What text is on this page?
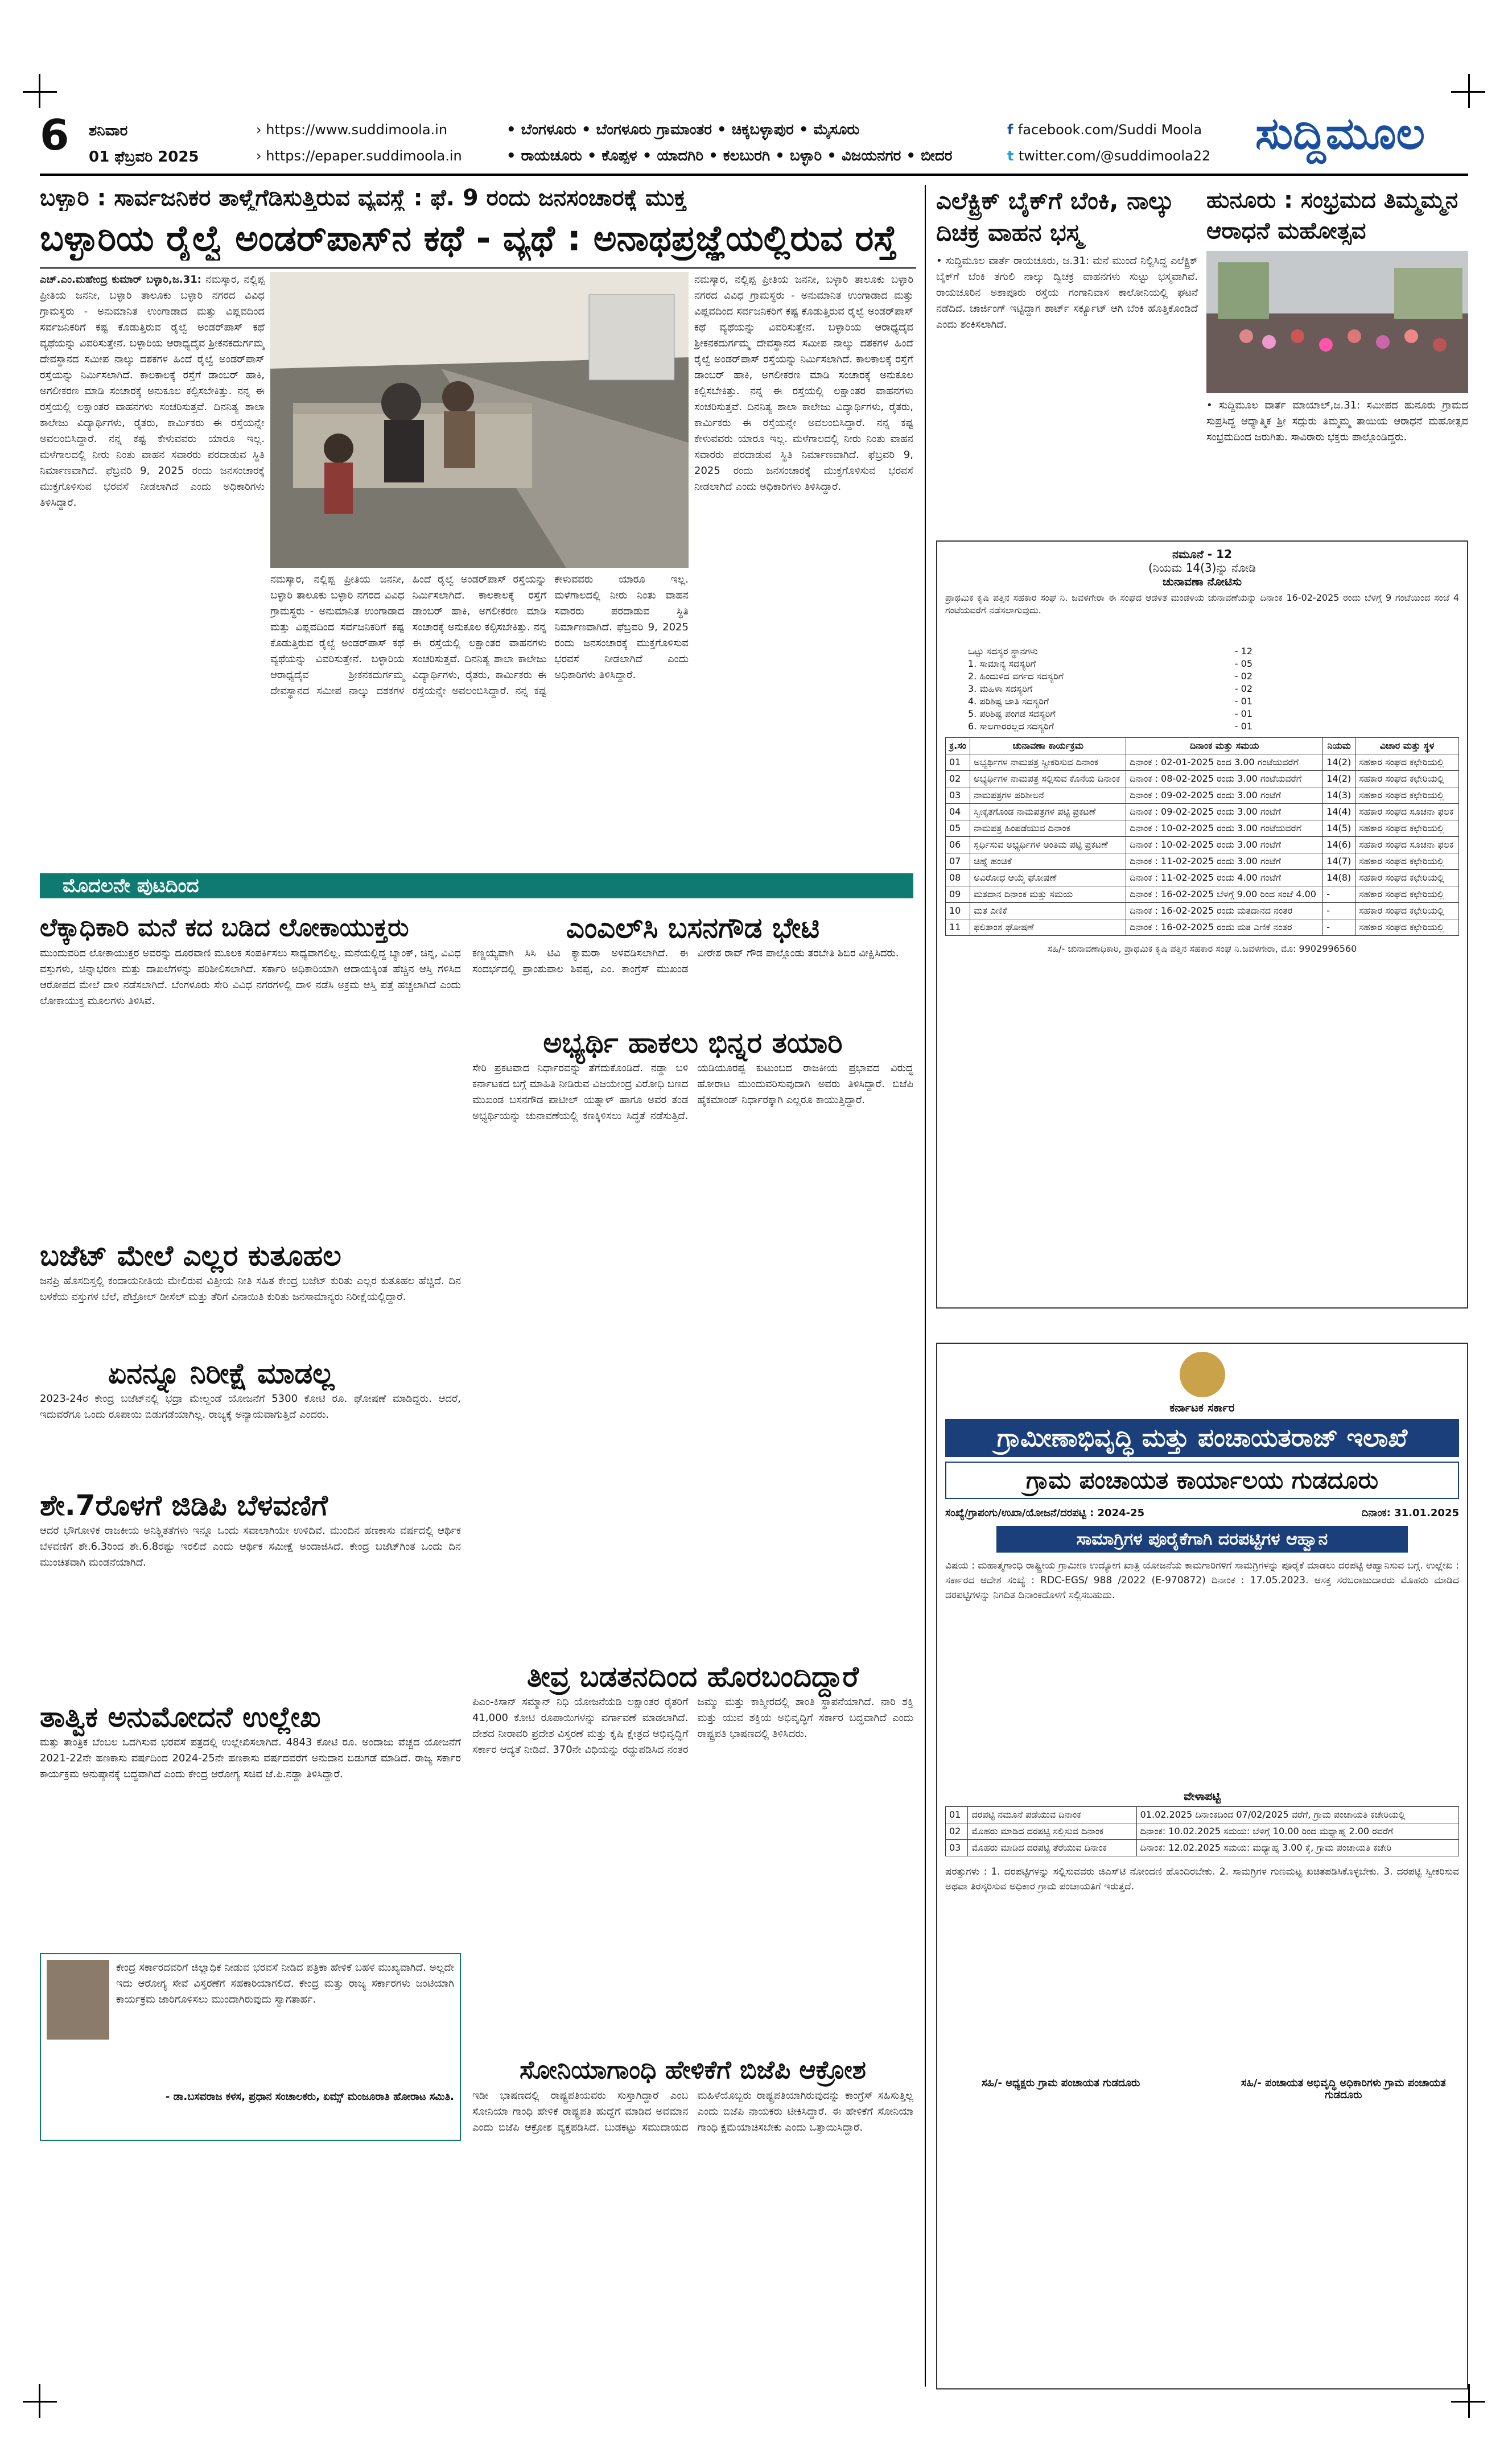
6 ಶನಿವಾರ
01 ಫೆಬ್ರವರಿ 2025
› https://www.suddimoola.in
› https://epaper.suddimoola.in
• ಬೆಂಗಳೂರು • ಬೆಂಗಳೂರು ಗ್ರಾಮಾಂತರ • ಚಿಕ್ಕಬಳ್ಳಾಪುರ • ಮೈಸೂರು
• ರಾಯಚೂರು • ಕೊಪ್ಪಳ • ಯಾದಗಿರಿ • ಕಲಬುರಗಿ • ಬಳ್ಳಾರಿ • ವಿಜಯನಗರ • ಬೀದರ
f facebook.com/Suddi Moola
t twitter.com/@suddimoola22	ಸುದ್ದಿಮೂಲ
ಬಳ್ಳಾರಿ : ಸಾರ್ವಜನಿಕರ ತಾಳ್ಮೆಗೆಡಿಸುತ್ತಿರುವ ವ್ಯವಸ್ಥೆ : ಫೆ. 9 ರಂದು ಜನಸಂಚಾರಕ್ಕೆ ಮುಕ್ತ
ಬಳ್ಳಾರಿಯ ರೈಲ್ವೆ ಅಂಡರ್‌ಪಾಸ್‌ನ ಕಥೆ - ವ್ಯಥೆ : ಅನಾಥಪ್ರಜ್ಞೆಯಲ್ಲಿರುವ ರಸ್ತೆ
ಎಚ್.ಎಂ.ಮಹೇಂದ್ರ ಕುಮಾರ್ ಬಳ್ಳಾರಿ,ಜ.31: ನಮಸ್ಕಾರ, ನಲ್ಲಿಪ್ಪ ಪ್ರೀತಿಯ ಜನನೀ, ಬಳ್ಳಾರಿ ತಾಲೂಕು ಬಳ್ಳಾರಿ ನಗರದ ವಿವಿಧ ಗ್ರಾಮಸ್ಥರು - ಅನುಮಾನಿತ ಉಂಗಾಡಾದ ಮತ್ತು ವಿಪ್ಲವದಿಂದ ಸರ್ವಜನಿಕರಿಗೆ ಕಷ್ಟ ಕೊಡುತ್ತಿರುವ ರೈಲ್ವೆ ಅಂಡರ್‌ಪಾಸ್ ಕಥೆ ವ್ಯಥೆಯನ್ನು ವಿವರಿಸುತ್ತೇನೆ. ಬಳ್ಳಾರಿಯ ಆರಾಧ್ಯದೈವ ಶ್ರೀಕನಕದುರ್ಗಮ್ಮ ದೇವಸ್ಥಾನದ ಸಮೀಪ ನಾಲ್ಕು ದಶಕಗಳ ಹಿಂದೆ ರೈಲ್ವೆ ಅಂಡರ್‌ಪಾಸ್ ರಸ್ತೆಯನ್ನು ನಿರ್ಮಿಸಲಾಗಿದೆ. ಕಾಲಕಾಲಕ್ಕೆ ರಸ್ತೆಗೆ ಡಾಂಬರ್ ಹಾಕಿ, ಅಗಲೀಕರಣ ಮಾಡಿ ಸಂಚಾರಕ್ಕೆ ಅನುಕೂಲ ಕಲ್ಪಿಸಬೇಕಿತ್ತು. ನನ್ನ ಈ ರಸ್ತೆಯಲ್ಲಿ ಲಕ್ಷಾಂತರ ವಾಹನಗಳು ಸಂಚರಿಸುತ್ತವೆ. ದಿನನಿತ್ಯ ಶಾಲಾ ಕಾಲೇಜು ವಿದ್ಯಾರ್ಥಿಗಳು, ರೈತರು, ಕಾರ್ಮಿಕರು ಈ ರಸ್ತೆಯನ್ನೇ ಅವಲಂಬಿಸಿದ್ದಾರೆ. ನನ್ನ ಕಷ್ಟ ಕೇಳುವವರು ಯಾರೂ ಇಲ್ಲ. ಮಳೆಗಾಲದಲ್ಲಿ ನೀರು ನಿಂತು ವಾಹನ ಸವಾರರು ಪರದಾಡುವ ಸ್ಥಿತಿ ನಿರ್ಮಾಣವಾಗಿದೆ. ಫೆಬ್ರವರಿ 9, 2025 ರಂದು ಜನಸಂಚಾರಕ್ಕೆ ಮುಕ್ತಗೊಳಿಸುವ ಭರವಸೆ ನೀಡಲಾಗಿದೆ ಎಂದು ಅಧಿಕಾರಿಗಳು ತಿಳಿಸಿದ್ದಾರೆ.
ನಮಸ್ಕಾರ, ನಲ್ಲಿಪ್ಪ ಪ್ರೀತಿಯ ಜನನೀ, ಬಳ್ಳಾರಿ ತಾಲೂಕು ಬಳ್ಳಾರಿ ನಗರದ ವಿವಿಧ ಗ್ರಾಮಸ್ಥರು - ಅನುಮಾನಿತ ಉಂಗಾಡಾದ ಮತ್ತು ವಿಪ್ಲವದಿಂದ ಸರ್ವಜನಿಕರಿಗೆ ಕಷ್ಟ ಕೊಡುತ್ತಿರುವ ರೈಲ್ವೆ ಅಂಡರ್‌ಪಾಸ್ ಕಥೆ ವ್ಯಥೆಯನ್ನು ವಿವರಿಸುತ್ತೇನೆ. ಬಳ್ಳಾರಿಯ ಆರಾಧ್ಯದೈವ ಶ್ರೀಕನಕದುರ್ಗಮ್ಮ ದೇವಸ್ಥಾನದ ಸಮೀಪ ನಾಲ್ಕು ದಶಕಗಳ ಹಿಂದೆ ರೈಲ್ವೆ ಅಂಡರ್‌ಪಾಸ್ ರಸ್ತೆಯನ್ನು ನಿರ್ಮಿಸಲಾಗಿದೆ. ಕಾಲಕಾಲಕ್ಕೆ ರಸ್ತೆಗೆ ಡಾಂಬರ್ ಹಾಕಿ, ಅಗಲೀಕರಣ ಮಾಡಿ ಸಂಚಾರಕ್ಕೆ ಅನುಕೂಲ ಕಲ್ಪಿಸಬೇಕಿತ್ತು. ನನ್ನ ಈ ರಸ್ತೆಯಲ್ಲಿ ಲಕ್ಷಾಂತರ ವಾಹನಗಳು ಸಂಚರಿಸುತ್ತವೆ. ದಿನನಿತ್ಯ ಶಾಲಾ ಕಾಲೇಜು ವಿದ್ಯಾರ್ಥಿಗಳು, ರೈತರು, ಕಾರ್ಮಿಕರು ಈ ರಸ್ತೆಯನ್ನೇ ಅವಲಂಬಿಸಿದ್ದಾರೆ. ನನ್ನ ಕಷ್ಟ ಕೇಳುವವರು ಯಾರೂ ಇಲ್ಲ. ಮಳೆಗಾಲದಲ್ಲಿ ನೀರು ನಿಂತು ವಾಹನ ಸವಾರರು ಪರದಾಡುವ ಸ್ಥಿತಿ ನಿರ್ಮಾಣವಾಗಿದೆ. ಫೆಬ್ರವರಿ 9, 2025 ರಂದು ಜನಸಂಚಾರಕ್ಕೆ ಮುಕ್ತಗೊಳಿಸುವ ಭರವಸೆ ನೀಡಲಾಗಿದೆ ಎಂದು ಅಧಿಕಾರಿಗಳು ತಿಳಿಸಿದ್ದಾರೆ.
ನಮಸ್ಕಾರ, ನಲ್ಲಿಪ್ಪ ಪ್ರೀತಿಯ ಜನನೀ, ಬಳ್ಳಾರಿ ತಾಲೂಕು ಬಳ್ಳಾರಿ ನಗರದ ವಿವಿಧ ಗ್ರಾಮಸ್ಥರು - ಅನುಮಾನಿತ ಉಂಗಾಡಾದ ಮತ್ತು ವಿಪ್ಲವದಿಂದ ಸರ್ವಜನಿಕರಿಗೆ ಕಷ್ಟ ಕೊಡುತ್ತಿರುವ ರೈಲ್ವೆ ಅಂಡರ್‌ಪಾಸ್ ಕಥೆ ವ್ಯಥೆಯನ್ನು ವಿವರಿಸುತ್ತೇನೆ. ಬಳ್ಳಾರಿಯ ಆರಾಧ್ಯದೈವ ಶ್ರೀಕನಕದುರ್ಗಮ್ಮ ದೇವಸ್ಥಾನದ ಸಮೀಪ ನಾಲ್ಕು ದಶಕಗಳ ಹಿಂದೆ ರೈಲ್ವೆ ಅಂಡರ್‌ಪಾಸ್ ರಸ್ತೆಯನ್ನು ನಿರ್ಮಿಸಲಾಗಿದೆ. ಕಾಲಕಾಲಕ್ಕೆ ರಸ್ತೆಗೆ ಡಾಂಬರ್ ಹಾಕಿ, ಅಗಲೀಕರಣ ಮಾಡಿ ಸಂಚಾರಕ್ಕೆ ಅನುಕೂಲ ಕಲ್ಪಿಸಬೇಕಿತ್ತು. ನನ್ನ ಈ ರಸ್ತೆಯಲ್ಲಿ ಲಕ್ಷಾಂತರ ವಾಹನಗಳು ಸಂಚರಿಸುತ್ತವೆ. ದಿನನಿತ್ಯ ಶಾಲಾ ಕಾಲೇಜು ವಿದ್ಯಾರ್ಥಿಗಳು, ರೈತರು, ಕಾರ್ಮಿಕರು ಈ ರಸ್ತೆಯನ್ನೇ ಅವಲಂಬಿಸಿದ್ದಾರೆ. ನನ್ನ ಕಷ್ಟ ಕೇಳುವವರು ಯಾರೂ ಇಲ್ಲ. ಮಳೆಗಾಲದಲ್ಲಿ ನೀರು ನಿಂತು ವಾಹನ ಸವಾರರು ಪರದಾಡುವ ಸ್ಥಿತಿ ನಿರ್ಮಾಣವಾಗಿದೆ. ಫೆಬ್ರವರಿ 9, 2025 ರಂದು ಜನಸಂಚಾರಕ್ಕೆ ಮುಕ್ತಗೊಳಿಸುವ ಭರವಸೆ ನೀಡಲಾಗಿದೆ ಎಂದು ಅಧಿಕಾರಿಗಳು ತಿಳಿಸಿದ್ದಾರೆ.
ಮೊದಲನೇ ಪುಟದಿಂದ
ಲೆಕ್ಕಾಧಿಕಾರಿ ಮನೆ ಕದ ಬಡಿದ ಲೋಕಾಯುಕ್ತರು
ಮುಂದುವರಿದ ಲೋಕಾಯುಕ್ತರ ಅವರನ್ನು ದೂರವಾಣಿ ಮೂಲಕ ಸಂಪರ್ಕಿಸಲು ಸಾಧ್ಯವಾಗಲಿಲ್ಲ. ಮನೆಯಲ್ಲಿದ್ದ ಬ್ಯಾಂಕ್, ಚಿನ್ನ, ವಿವಿಧ ವಸ್ತುಗಳು, ಚಿನ್ನಾಭರಣ ಮತ್ತು ದಾಖಲೆಗಳನ್ನು ಪರಿಶೀಲಿಸಲಾಗಿದೆ. ಸರ್ಕಾರಿ ಅಧಿಕಾರಿಯಾಗಿ ಆದಾಯಕ್ಕಿಂತ ಹೆಚ್ಚಿನ ಆಸ್ತಿ ಗಳಿಸಿದ ಆರೋಪದ ಮೇಲೆ ದಾಳಿ ನಡೆಸಲಾಗಿದೆ. ಬೆಂಗಳೂರು ಸೇರಿ ವಿವಿಧ ನಗರಗಳಲ್ಲಿ ದಾಳಿ ನಡೆಸಿ ಅಕ್ರಮ ಆಸ್ತಿ ಪತ್ತೆ ಹಚ್ಚಲಾಗಿದೆ ಎಂದು ಲೋಕಾಯುಕ್ತ ಮೂಲಗಳು ತಿಳಿಸಿವೆ.
ಬಜೆಟ್ ಮೇಲೆ ಎಲ್ಲರ ಕುತೂಹಲ
ಜನಪ್ರಿ ಹೊಸದಿಸ್ತಲ್ಲಿ ಕಂದಾಯನೀತಿಯ ಮೇಲಿರುವ ವಿತ್ತೀಯ ನೀತಿ ಸಹಿತ ಕೇಂದ್ರ ಬಜೆಟ್ ಕುರಿತು ಎಲ್ಲರ ಕುತೂಹಲ ಹೆಚ್ಚಿದೆ. ದಿನ ಬಳಕೆಯ ವಸ್ತುಗಳ ಬೆಲೆ, ಪೆಟ್ರೋಲ್ ಡೀಸೆಲ್ ಮತ್ತು ತೆರಿಗೆ ವಿನಾಯಿತಿ ಕುರಿತು ಜನಸಾಮಾನ್ಯರು ನಿರೀಕ್ಷೆಯಲ್ಲಿದ್ದಾರೆ.
ಏನನ್ನೂ ನಿರೀಕ್ಷೆ ಮಾಡಲ್ಲ
2023-24ರ ಕೇಂದ್ರ ಬಜೆಟ್‌ನಲ್ಲಿ ಭದ್ರಾ ಮೇಲ್ದಂಡೆ ಯೋಜನೆಗೆ 5300 ಕೋಟಿ ರೂ. ಘೋಷಣೆ ಮಾಡಿದ್ದರು. ಆದರೆ, ಇದುವರೆಗೂ ಒಂದು ರೂಪಾಯಿ ಬಿಡುಗಡೆಯಾಗಿಲ್ಲ. ರಾಜ್ಯಕ್ಕೆ ಅನ್ಯಾಯವಾಗುತ್ತಿದೆ ಎಂದರು.
ಶೇ.7ರೊಳಗೆ ಜಿಡಿಪಿ ಬೆಳವಣಿಗೆ
ಆದರೆ ಭೌಗೋಳಿಕ ರಾಜಕೀಯ ಅನಿಶ್ಚಿತತೆಗಳು ಇನ್ನೂ ಒಂದು ಸವಾಲಾಗಿಯೇ ಉಳಿದಿವೆ. ಮುಂದಿನ ಹಣಕಾಸು ವರ್ಷದಲ್ಲಿ ಆರ್ಥಿಕ ಬೆಳವಣಿಗೆ ಶೇ.6.3ರಿಂದ ಶೇ.6.8ರಷ್ಟು ಇರಲಿದೆ ಎಂದು ಆರ್ಥಿಕ ಸಮೀಕ್ಷೆ ಅಂದಾಜಿಸಿದೆ. ಕೇಂದ್ರ ಬಜೆಟ್‌ಗಿಂತ ಒಂದು ದಿನ ಮುಂಚಿತವಾಗಿ ಮಂಡನೆಯಾಗಿದೆ.
ತಾತ್ವಿಕ ಅನುಮೋದನೆ ಉಲ್ಲೇಖ
ಮತ್ತು ತಾಂತ್ರಿಕ ಬೆಂಬಲ ಒದಗಿಸುವ ಭರವಸೆ ಪತ್ರದಲ್ಲಿ ಉಲ್ಲೇಖಿಸಲಾಗಿದೆ. 4843 ಕೋಟಿ ರೂ. ಅಂದಾಜು ವೆಚ್ಚದ ಯೋಜನೆಗೆ 2021-22ನೇ ಹಣಕಾಸು ವರ್ಷದಿಂದ 2024-25ನೇ ಹಣಕಾಸು ವರ್ಷದವರೆಗೆ ಅನುದಾನ ಬಿಡುಗಡೆ ಮಾಡಿದೆ. ರಾಜ್ಯ ಸರ್ಕಾರ ಕಾರ್ಯಕ್ರಮ ಅನುಷ್ಠಾನಕ್ಕೆ ಬದ್ಧವಾಗಿದೆ ಎಂದು ಕೇಂದ್ರ ಆರೋಗ್ಯ ಸಚಿವ ಜೆ.ಪಿ.ನಡ್ಡಾ ತಿಳಿಸಿದ್ದಾರೆ.
ಕೇಂದ್ರ ಸರ್ಕಾರದವರಿಗೆ ಜಿಲ್ಲಾಧಿಕ ನೀಡುವ ಭರವಸೆ ನೀಡಿದ ಪತ್ರಿಕಾ ಹೇಳಿಕೆ ಬಹಳ ಮುಖ್ಯವಾಗಿದೆ. ಅಲ್ಲದೇ ಇದು ಆರೋಗ್ಯ ಸೇವೆ ವಿಸ್ತರಣೆಗೆ ಸಹಕಾರಿಯಾಗಲಿದೆ. ಕೇಂದ್ರ ಮತ್ತು ರಾಜ್ಯ ಸರ್ಕಾರಗಳು ಜಂಟಿಯಾಗಿ ಕಾರ್ಯಕ್ರಮ ಜಾರಿಗೊಳಿಸಲು ಮುಂದಾಗಿರುವುದು ಸ್ವಾಗತಾರ್ಹ.
- ಡಾ.ಬಸವರಾಜ ಕಳಸ, ಪ್ರಧಾನ ಸಂಚಾಲಕರು, ಏಮ್ಸ್ ಮಂಜೂರಾತಿ ಹೋರಾಟ ಸಮಿತಿ.
ಎಂಎಲ್‌ಸಿ ಬಸನಗೌಡ ಭೇಟಿ
ಕಣ್ಣಯ್ಯವಾಗಿ ಸಿಸಿ ಟಿವಿ ಕ್ಯಾಮರಾ ಅಳವಡಿಸಲಾಗಿದೆ. ಈ ಸಂದರ್ಭದಲ್ಲಿ ಪ್ರಾಂಶುಪಾಲ ಶಿವಪ್ಪ, ಎಂ. ಕಾಂಗ್ರೆಸ್ ಮುಖಂಡ ವೀರೇಶ ರಾವ್ ಗೌಡ ಪಾಲ್ಗೊಂಡು ತರಬೇತಿ ಶಿಬಿರ ವೀಕ್ಷಿಸಿದರು.
ಅಭ್ಯರ್ಥಿ ಹಾಕಲು ಭಿನ್ನರ ತಯಾರಿ
ಸೇರಿ ಪ್ರಕಟವಾದ ನಿರ್ಧಾರವನ್ನು ತೆಗೆದುಕೊಂಡಿದೆ. ನಡ್ಡಾ ಬಳಿ ಕರ್ನಾಟಕದ ಬಗ್ಗೆ ಮಾಹಿತಿ ನೀಡಿರುವ ವಿಜಯೇಂದ್ರ ವಿರೋಧಿ ಬಣದ ಮುಖಂಡ ಬಸನಗೌಡ ಪಾಟೀಲ್ ಯತ್ನಾಳ್ ಹಾಗೂ ಅವರ ತಂಡ ಅಭ್ಯರ್ಥಿಯನ್ನು ಚುನಾವಣೆಯಲ್ಲಿ ಕಣಕ್ಕಿಳಿಸಲು ಸಿದ್ಧತೆ ನಡೆಸುತ್ತಿದೆ. ಯಡಿಯೂರಪ್ಪ ಕುಟುಂಬದ ರಾಜಕೀಯ ಪ್ರಭಾವದ ವಿರುದ್ಧ ಹೋರಾಟ ಮುಂದುವರಿಸುವುದಾಗಿ ಅವರು ತಿಳಿಸಿದ್ದಾರೆ. ಬಿಜೆಪಿ ಹೈಕಮಾಂಡ್ ನಿರ್ಧಾರಕ್ಕಾಗಿ ಎಲ್ಲರೂ ಕಾಯುತ್ತಿದ್ದಾರೆ.
ತೀವ್ರ ಬಡತನದಿಂದ ಹೊರಬಂದಿದ್ದಾರೆ
ಪಿಎಂ-ಕಿಸಾನ್ ಸಮ್ಮಾನ್ ನಿಧಿ ಯೋಜನೆಯಡಿ ಲಕ್ಷಾಂತರ ರೈತರಿಗೆ 41,000 ಕೋಟಿ ರೂಪಾಯಿಗಳನ್ನು ವರ್ಗಾವಣೆ ಮಾಡಲಾಗಿದೆ. ದೇಶದ ನೀರಾವರಿ ಪ್ರದೇಶ ವಿಸ್ತರಣೆ ಮತ್ತು ಕೃಷಿ ಕ್ಷೇತ್ರದ ಅಭಿವೃದ್ಧಿಗೆ ಸರ್ಕಾರ ಆದ್ಯತೆ ನೀಡಿದೆ. 370ನೇ ವಿಧಿಯನ್ನು ರದ್ದುಪಡಿಸಿದ ನಂತರ ಜಮ್ಮು ಮತ್ತು ಕಾಶ್ಮೀರದಲ್ಲಿ ಶಾಂತಿ ಸ್ಥಾಪನೆಯಾಗಿದೆ. ನಾರಿ ಶಕ್ತಿ ಮತ್ತು ಯುವ ಶಕ್ತಿಯ ಅಭಿವೃದ್ಧಿಗೆ ಸರ್ಕಾರ ಬದ್ಧವಾಗಿದೆ ಎಂದು ರಾಷ್ಟ್ರಪತಿ ಭಾಷಣದಲ್ಲಿ ತಿಳಿಸಿದರು.
ಸೋನಿಯಾಗಾಂಧಿ ಹೇಳಿಕೆಗೆ ಬಿಜೆಪಿ ಆಕ್ರೋಶ
ಇಡೀ ಭಾಷಣದಲ್ಲಿ ರಾಷ್ಟ್ರಪತಿಯವರು ಸುಸ್ತಾಗಿದ್ದಾರೆ ಎಂಬ ಸೋನಿಯಾ ಗಾಂಧಿ ಹೇಳಿಕೆ ರಾಷ್ಟ್ರಪತಿ ಹುದ್ದೆಗೆ ಮಾಡಿದ ಅವಮಾನ ಎಂದು ಬಿಜೆಪಿ ಆಕ್ರೋಶ ವ್ಯಕ್ತಪಡಿಸಿದೆ. ಬುಡಕಟ್ಟು ಸಮುದಾಯದ ಮಹಿಳೆಯೊಬ್ಬರು ರಾಷ್ಟ್ರಪತಿಯಾಗಿರುವುದನ್ನು ಕಾಂಗ್ರೆಸ್ ಸಹಿಸುತ್ತಿಲ್ಲ ಎಂದು ಬಿಜೆಪಿ ನಾಯಕರು ಟೀಕಿಸಿದ್ದಾರೆ. ಈ ಹೇಳಿಕೆಗೆ ಸೋನಿಯಾ ಗಾಂಧಿ ಕ್ಷಮೆಯಾಚಿಸಬೇಕು ಎಂದು ಒತ್ತಾಯಿಸಿದ್ದಾರೆ.
ಎಲೆಕ್ಟ್ರಿಕ್ ಬೈಕ್‌ಗೆ ಬೆಂಕಿ, ನಾಲ್ಕು ದಿಚಕ್ರ ವಾಹನ ಭಸ್ಮ
• ಸುದ್ದಿಮೂಲ ವಾರ್ತೆ ರಾಯಚೂರು, ಜ.31: ಮನೆ ಮುಂದೆ ನಿಲ್ಲಿಸಿದ್ದ ಎಲೆಕ್ಟ್ರಿಕ್ ಬೈಕ್‌ಗೆ ಬೆಂಕಿ ತಗುಲಿ ನಾಲ್ಕು ದ್ವಿಚಕ್ರ ವಾಹನಗಳು ಸುಟ್ಟು ಭಸ್ಮವಾಗಿವೆ. ರಾಯಚೂರಿನ ಅಶಾಪೂರು ರಸ್ತೆಯ ಗಂಗಾನಿವಾಸ ಕಾಲೋನಿಯಲ್ಲಿ ಘಟನೆ ನಡೆದಿದೆ. ಚಾರ್ಜಿಂಗ್ ಇಟ್ಟಿದ್ದಾಗ ಶಾರ್ಟ್ ಸರ್ಕ್ಯೂಟ್ ಆಗಿ ಬೆಂಕಿ ಹೊತ್ತಿಕೊಂಡಿದೆ ಎಂದು ಶಂಕಿಸಲಾಗಿದೆ.
ಹುನೂರು : ಸಂಭ್ರಮದ ತಿಮ್ಮಮ್ಮನ ಆರಾಧನೆ ಮಹೋತ್ಸವ
• ಸುದ್ದಿಮೂಲ ವಾರ್ತೆ ಮಾಯಾಲ್,ಜ.31: ಸಮೀಪದ ಹುನೂರು ಗ್ರಾಮದ ಸುಪ್ರಸಿದ್ಧ ಆಧ್ಯಾತ್ಮಿಕ ಶ್ರೀ ಸದ್ಗುರು ತಿಮ್ಮಮ್ಮ ತಾಯಿಯ ಆರಾಧನೆ ಮಹೋತ್ಸವ ಸಂಭ್ರಮದಿಂದ ಜರುಗಿತು. ಸಾವಿರಾರು ಭಕ್ತರು ಪಾಲ್ಗೊಂಡಿದ್ದರು.
ನಮೂನೆ - 12
(ನಿಯಮ 14(3)ನ್ನು ನೋಡಿ
ಚುನಾವಣಾ ನೋಟಿಸು
ಪ್ರಾಥಮಿಕ ಕೃಷಿ ಪತ್ತಿನ ಸಹಕಾರ ಸಂಘ ನಿ. ಜವಳಗೇರಾ ಈ ಸಂಘದ ಆಡಳಿತ ಮಂಡಳಿಯ ಚುನಾವಣೆಯನ್ನು ದಿನಾಂಕ 16-02-2025 ರಂದು ಬೆಳಗ್ಗೆ 9 ಗಂಟೆಯಿಂದ ಸಂಜೆ 4 ಗಂಟೆಯವರೆಗೆ ನಡೆಸಲಾಗುವುದು.
ಒಟ್ಟು ಸದಸ್ಯರ ಸ್ಥಾನಗಳು	- 12
1. ಸಾಮಾನ್ಯ ಸದಸ್ಯರಿಗೆ	- 05
2. ಹಿಂದುಳಿದ ವರ್ಗದ ಸದಸ್ಯರಿಗೆ	- 02
3. ಮಹಿಳಾ ಸದಸ್ಯರಿಗೆ	- 02
4. ಪರಿಶಿಷ್ಟ ಜಾತಿ ಸದಸ್ಯರಿಗೆ	- 01
5. ಪರಿಶಿಷ್ಟ ಪಂಗಡ ಸದಸ್ಯರಿಗೆ	- 01
6. ಸಾಲಗಾರರಲ್ಲದ ಸದಸ್ಯರಿಗೆ	- 01
ಕ್ರ.ಸಂ	ಚುನಾವಣಾ ಕಾರ್ಯಕ್ರಮ	ದಿನಾಂಕ ಮತ್ತು ಸಮಯ	ನಿಯಮ	ವಿಚಾರ ಮತ್ತು ಸ್ಥಳ
01	ಅಭ್ಯರ್ಥಿಗಳ ನಾಮಪತ್ರ ಸ್ವೀಕರಿಸುವ ದಿನಾಂಕ	ದಿನಾಂಕ : 02-01-2025 ರಿಂದ 3.00 ಗಂಟೆಯವರೆಗೆ	14(2)	ಸಹಕಾರ ಸಂಘದ ಕಛೇರಿಯಲ್ಲಿ
02	ಅಭ್ಯರ್ಥಿಗಳ ನಾಮಪತ್ರ ಸಲ್ಲಿಸುವ ಕೊನೆಯ ದಿನಾಂಕ	ದಿನಾಂಕ : 08-02-2025 ರಂದು 3.00 ಗಂಟೆಯವರೆಗೆ	14(2)	ಸಹಕಾರ ಸಂಘದ ಕಛೇರಿಯಲ್ಲಿ
03	ನಾಮಪತ್ರಗಳ ಪರಿಶೀಲನೆ	ದಿನಾಂಕ : 09-02-2025 ರಂದು 3.00 ಗಂಟೆಗೆ	14(3)	ಸಹಕಾರ ಸಂಘದ ಕಛೇರಿಯಲ್ಲಿ
04	ಸ್ವೀಕೃತಗೊಂಡ ನಾಮಪತ್ರಗಳ ಪಟ್ಟಿ ಪ್ರಕಟಣೆ	ದಿನಾಂಕ : 09-02-2025 ರಂದು 3.00 ಗಂಟೆಗೆ	14(4)	ಸಹಕಾರ ಸಂಘದ ಸೂಚನಾ ಫಲಕ
05	ನಾಮಪತ್ರ ಹಿಂಪಡೆಯುವ ದಿನಾಂಕ	ದಿನಾಂಕ : 10-02-2025 ರಂದು 3.00 ಗಂಟೆಯವರೆಗೆ	14(5)	ಸಹಕಾರ ಸಂಘದ ಕಛೇರಿಯಲ್ಲಿ
06	ಸ್ಪರ್ಧಿಸುವ ಅಭ್ಯರ್ಥಿಗಳ ಅಂತಿಮ ಪಟ್ಟಿ ಪ್ರಕಟಣೆ	ದಿನಾಂಕ : 10-02-2025 ರಂದು 3.00 ಗಂಟೆಗೆ	14(6)	ಸಹಕಾರ ಸಂಘದ ಸೂಚನಾ ಫಲಕ
07	ಚಿಹ್ನೆ ಹಂಚಿಕೆ	ದಿನಾಂಕ : 11-02-2025 ರಂದು 3.00 ಗಂಟೆಗೆ	14(7)	ಸಹಕಾರ ಸಂಘದ ಕಛೇರಿಯಲ್ಲಿ
08	ಅವಿರೋಧ ಆಯ್ಕೆ ಘೋಷಣೆ	ದಿನಾಂಕ : 11-02-2025 ರಂದು 4.00 ಗಂಟೆಗೆ	14(8)	ಸಹಕಾರ ಸಂಘದ ಕಛೇರಿಯಲ್ಲಿ
09	ಮತದಾನ ದಿನಾಂಕ ಮತ್ತು ಸಮಯ	ದಿನಾಂಕ : 16-02-2025 ಬೆಳಗ್ಗೆ 9.00 ರಿಂದ ಸಂಜೆ 4.00	-	ಸಹಕಾರ ಸಂಘದ ಕಛೇರಿಯಲ್ಲಿ
10	ಮತ ಎಣಿಕೆ	ದಿನಾಂಕ : 16-02-2025 ರಂದು ಮತದಾನದ ನಂತರ	-	ಸಹಕಾರ ಸಂಘದ ಕಛೇರಿಯಲ್ಲಿ
11	ಫಲಿತಾಂಶ ಘೋಷಣೆ	ದಿನಾಂಕ : 16-02-2025 ರಂದು ಮತ ಎಣಿಕೆ ನಂತರ	-	ಸಹಕಾರ ಸಂಘದ ಕಛೇರಿಯಲ್ಲಿ
ಸಹಿ/- ಚುನಾವಣಾಧಿಕಾರಿ, ಪ್ರಾಥಮಿಕ ಕೃಷಿ ಪತ್ತಿನ ಸಹಕಾರ ಸಂಘ ನಿ.ಜವಳಗೇರಾ, ಮೊ: 9902996560
ಕರ್ನಾಟಕ ಸರ್ಕಾರ
ಗ್ರಾಮೀಣಾಭಿವೃದ್ಧಿ ಮತ್ತು ಪಂಚಾಯತರಾಜ್ ಇಲಾಖೆ
ಗ್ರಾಮ ಪಂಚಾಯತ ಕಾರ್ಯಾಲಯ ಗುಡದೂರು
ಸಂಖ್ಯೆ/ಗ್ರಾಪಂಗು/ಉಖಾ/ಯೋಜನೆ/ದರಪಟ್ಟಿ : 2024-25	ದಿನಾಂಕ: 31.01.2025
ಸಾಮಾಗ್ರಿಗಳ ಪೂರೈಕೆಗಾಗಿ ದರಪಟ್ಟಿಗಳ ಆಹ್ವಾನ
ವಿಷಯ : ಮಹಾತ್ಮಗಾಂಧಿ ರಾಷ್ಟ್ರೀಯ ಗ್ರಾಮೀಣ ಉದ್ಯೋಗ ಖಾತ್ರಿ ಯೋಜನೆಯ ಕಾಮಗಾರಿಗಳಿಗೆ ಸಾಮಗ್ರಿಗಳನ್ನು ಪೂರೈಕೆ ಮಾಡಲು ದರಪಟ್ಟಿ ಆಹ್ವಾನಿಸುವ ಬಗ್ಗೆ. ಉಲ್ಲೇಖ : ಸರ್ಕಾರದ ಆದೇಶ ಸಂಖ್ಯೆ : RDC-EGS/ 988 /2022 (E-970872) ದಿನಾಂಕ : 17.05.2023. ಆಸಕ್ತ ಸರಬರಾಜುದಾರರು ಮೊಹರು ಮಾಡಿದ ದರಪಟ್ಟಿಗಳನ್ನು ನಿಗದಿತ ದಿನಾಂಕದೊಳಗೆ ಸಲ್ಲಿಸಬಹುದು.
ವೇಳಾಪಟ್ಟಿ
01	ದರಪಟ್ಟಿ ನಮೂನೆ ಪಡೆಯುವ ದಿನಾಂಕ	01.02.2025 ದಿನಾಂಕದಿಂದ 07/02/2025 ವರೆಗೆ, ಗ್ರಾಮ ಪಂಚಾಯತಿ ಕಚೇರಿಯಲ್ಲಿ
02	ಮೊಹರು ಮಾಡಿದ ದರಪಟ್ಟಿ ಸಲ್ಲಿಸುವ ದಿನಾಂಕ	ದಿನಾಂಕ: 10.02.2025 ಸಮಯ: ಬೆಳಿಗ್ಗೆ 10.00 ರಿಂದ ಮಧ್ಯಾಹ್ನ 2.00 ರವರೆಗೆ
03	ಮೊಹರು ಮಾಡಿದ ದರಪಟ್ಟಿ ತೆರೆಯುವ ದಿನಾಂಕ	ದಿನಾಂಕ: 12.02.2025 ಸಮಯ: ಮಧ್ಯಾಹ್ನ 3.00 ಕ್ಕೆ, ಗ್ರಾಮ ಪಂಚಾಯತಿ ಕಚೇರಿ
ಷರತ್ತುಗಳು : 1. ದರಪಟ್ಟಿಗಳನ್ನು ಸಲ್ಲಿಸುವವರು ಜಿಎಸ್‌ಟಿ ನೋಂದಣಿ ಹೊಂದಿರಬೇಕು. 2. ಸಾಮಗ್ರಿಗಳ ಗುಣಮಟ್ಟ ಖಚಿತಪಡಿಸಿಕೊಳ್ಳಬೇಕು. 3. ದರಪಟ್ಟಿ ಸ್ವೀಕರಿಸುವ ಅಥವಾ ತಿರಸ್ಕರಿಸುವ ಅಧಿಕಾರ ಗ್ರಾಮ ಪಂಚಾಯತಿಗೆ ಇರುತ್ತದೆ.
ಸಹಿ/- ಅಧ್ಯಕ್ಷರು ಗ್ರಾಮ ಪಂಚಾಯತ ಗುಡದೂರು	ಸಹಿ/- ಪಂಚಾಯತ ಅಭಿವೃದ್ಧಿ ಅಧಿಕಾರಿಗಳು ಗ್ರಾಮ ಪಂಚಾಯತ ಗುಡದೂರು
